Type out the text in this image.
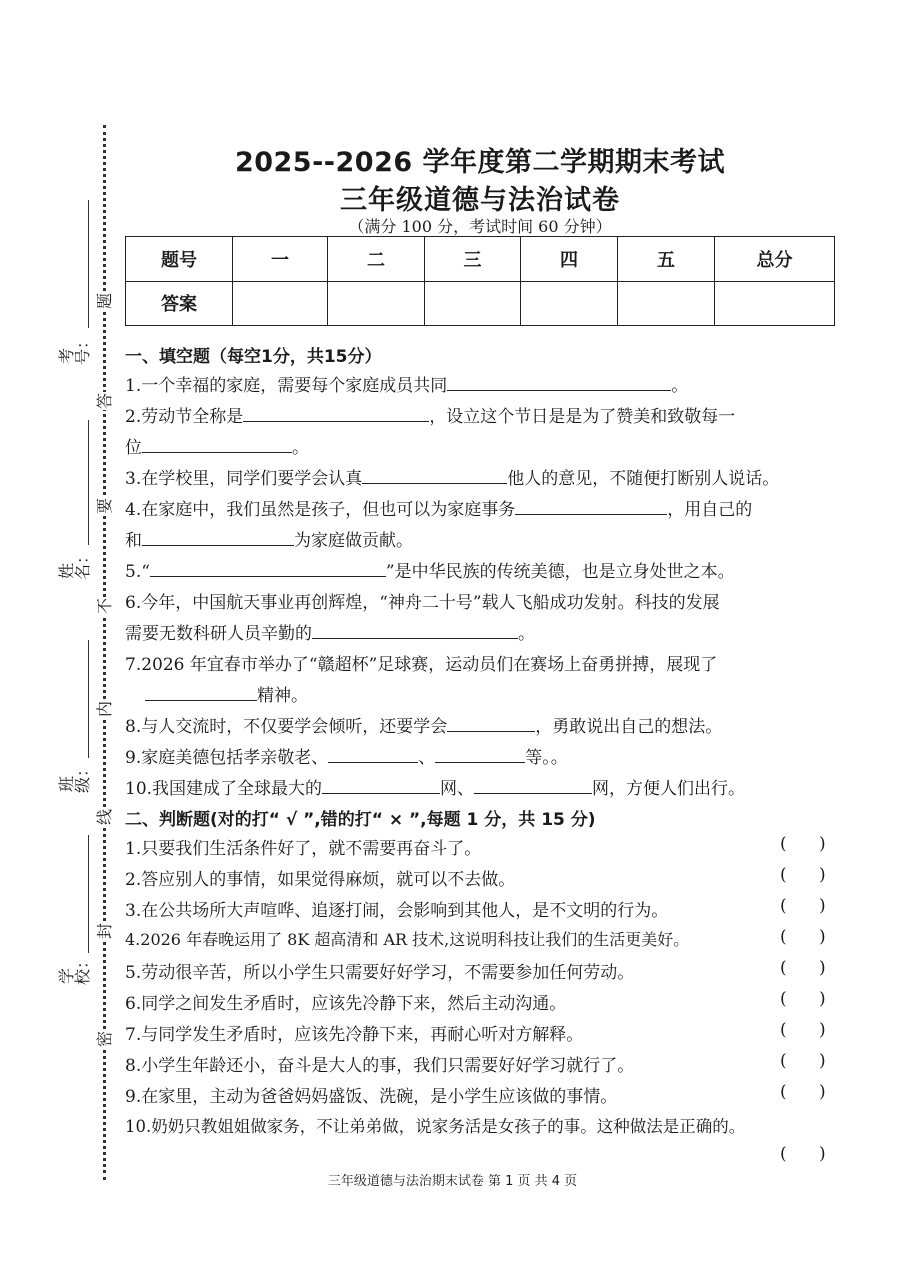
考号：
姓名：
班级：
学校：
题
答
要
不
内
线
封
密
2025--2026 学年度第二学期期末考试
三年级道德与法治试卷
（满分 100 分，考试时间 60 分钟）
题号	一	二	三	四	五	总分
答案						
一、填空题（每空1分，共15分）
1.一个幸福的家庭，需要每个家庭成员共同	。
2.劳动节全称是	，设立这个节日是是为了赞美和致敬每一
位	。
3.在学校里，同学们要学会认真	他人的意见，不随便打断别人说话。
4.在家庭中，我们虽然是孩子，但也可以为家庭事务	，用自己的
和	为家庭做贡献。
5.“	”是中华民族的传统美德，也是立身处世之本。
6.今年，中国航天事业再创辉煌，“神舟二十号”载人飞船成功发射。科技的发展
需要无数科研人员辛勤的	。
7.2026 年宜春市举办了“赣超杯”足球赛，运动员们在赛场上奋勇拼搏，展现了
精神。
8.与人交流时，不仅要学会倾听，还要学会	，勇敢说出自己的想法。
9.家庭美德包括孝亲敬老、	、	等。。
10.我国建成了全球最大的	网、	网，方便人们出行。
二、判断题(对的打“ √ ”,错的打“ × ”,每题 1 分，共 15 分)
1.只要我们生活条件好了，就不需要再奋斗了。	(      )
2.答应别人的事情，如果觉得麻烦，就可以不去做。	(      )
3.在公共场所大声喧哗、追逐打闹，会影响到其他人，是不文明的行为。	(      )
4.2026 年春晚运用了 8K 超高清和 AR 技术,这说明科技让我们的生活更美好。	(      )
5.劳动很辛苦，所以小学生只需要好好学习，不需要参加任何劳动。	(      )
6.同学之间发生矛盾时，应该先冷静下来，然后主动沟通。	(      )
7.与同学发生矛盾时，应该先冷静下来，再耐心听对方解释。	(      )
8.小学生年龄还小，奋斗是大人的事，我们只需要好好学习就行了。	(      )
9.在家里，主动为爸爸妈妈盛饭、洗碗，是小学生应该做的事情。	(      )
10.奶奶只教姐姐做家务，不让弟弟做，说家务活是女孩子的事。这种做法是正确的。
(      )
三年级道德与法治期末试卷 第 1 页 共 4 页
